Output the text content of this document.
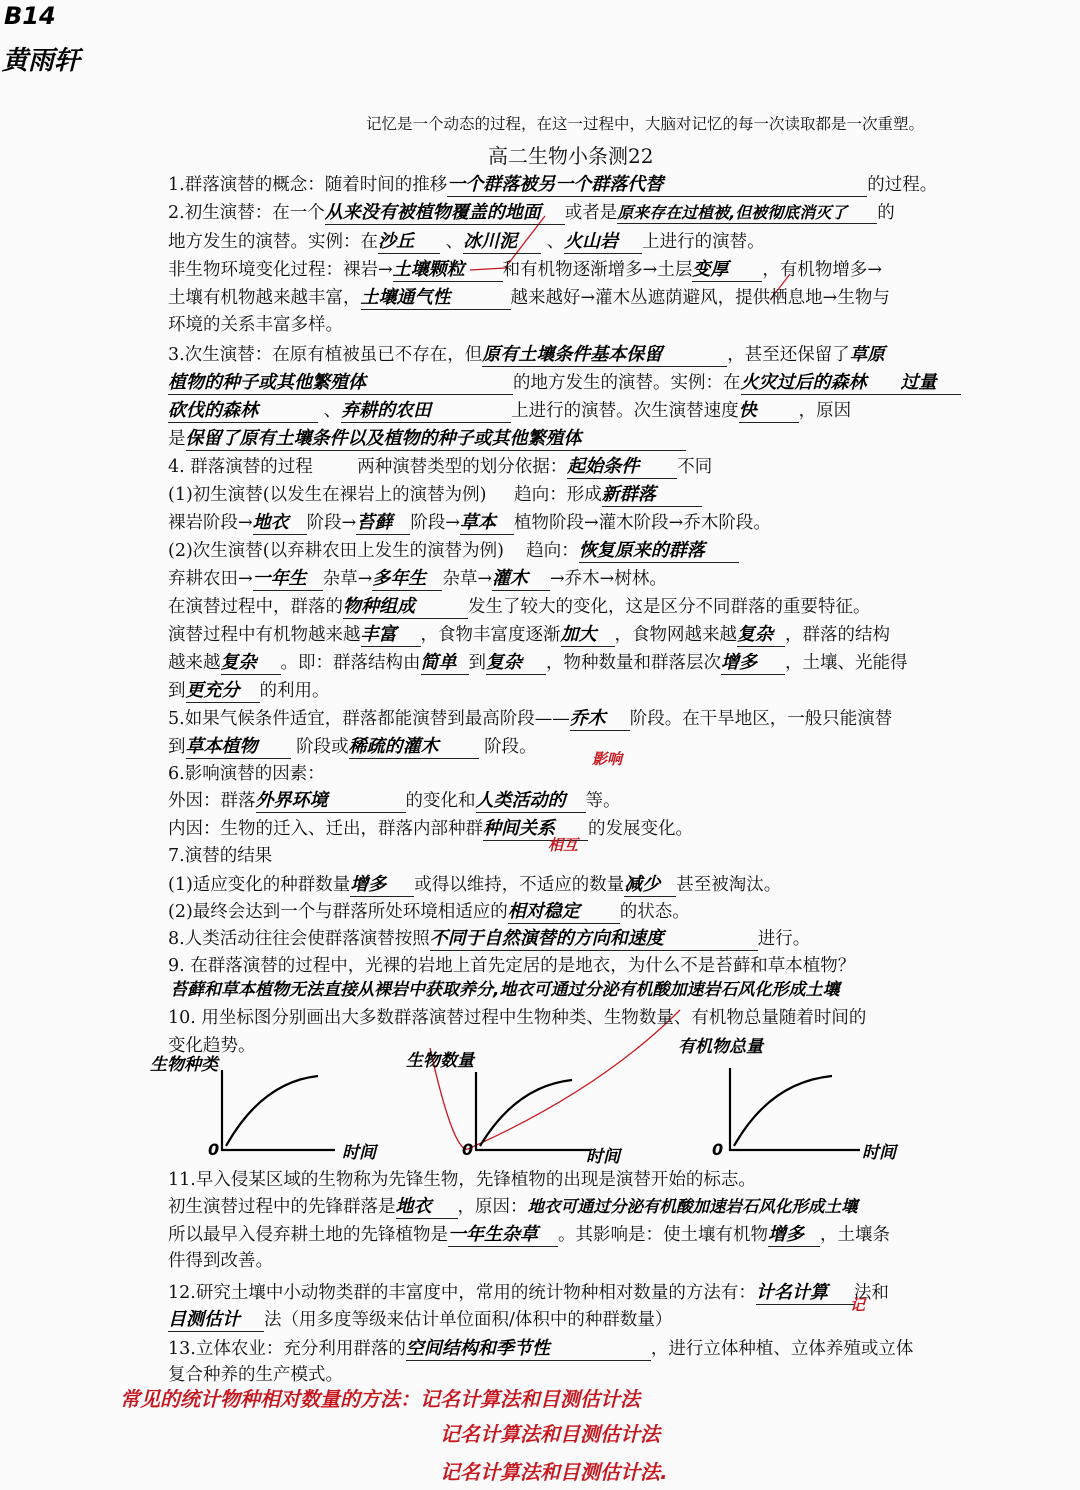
B14
黄雨轩
记忆是一个动态的过程，在这一过程中，大脑对记忆的每一次读取都是一次重塑。
高二生物小条测22
1.群落演替的概念：随着时间的推移一个群落被另一个群落代替	的过程。
2.初生演替：在一个从来没有被植物覆盖的地面 或者是原来存在过植被,但被彻底消灭了 的
地方发生的演替。实例：在沙丘 、冰川泥 、火山岩 上进行的演替。
非生物环境变化过程：裸岩→土壤颗粒 和有机物逐渐增多→土层变厚 ，有机物增多→
土壤有机物越来越丰富，土壤通气性	越来越好→灌木丛遮荫避风，提供栖息地→生物与
环境的关系丰富多样。
3.次生演替：在原有植被虽已不存在，但原有土壤条件基本保留	，甚至还保留了草原
植物的种子或其他繁殖体	的地方发生的演替。实例：在火灾过后的森林 过量
砍伐的森林	、弃耕的农田	上进行的演替。次生演替速度快 ，原因
是保留了原有土壤条件以及植物的种子或其他繁殖体
4. 群落演替的过程	两种演替类型的划分依据：起始条件 不同
(1)初生演替(以发生在裸岩上的演替为例) 趋向：形成新群落
裸岩阶段→地衣 阶段→苔藓 阶段→草本 植物阶段→灌木阶段→乔木阶段。
(2)次生演替(以弃耕农田上发生的演替为例) 趋向：恢复原来的群落
弃耕农田→一年生 杂草→多年生 杂草→灌木 →乔木→树林。
在演替过程中，群落的物种组成	发生了较大的变化，这是区分不同群落的重要特征。
演替过程中有机物越来越丰富 ，食物丰富度逐渐加大 ，食物网越来越复杂 ，群落的结构
越来越复杂 。即：群落结构由简单 到复杂 ，物种数量和群落层次增多 ，土壤、光能得
到更充分 的利用。
5.如果气候条件适宜，群落都能演替到最高阶段——乔木 阶段。在干旱地区，一般只能演替
到草本植物 阶段或稀疏的灌木	阶段。
6.影响演替的因素：
影响
外因：群落外界环境	的变化和人类活动的 等。
内因：生物的迁入、迁出，群落内部种群种间关系 的发展变化。
相互
7.演替的结果
(1)适应变化的种群数量增多 或得以维持，不适应的数量减少 甚至被淘汰。
(2)最终会达到一个与群落所处环境相适应的相对稳定 的状态。
8.人类活动往往会使群落演替按照不同于自然演替的方向和速度	进行。
9. 在群落演替的过程中，光裸的岩地上首先定居的是地衣，为什么不是苔藓和草本植物？
苔藓和草本植物无法直接从裸岩中获取养分,地衣可通过分泌有机酸加速岩石风化形成土壤
10. 用坐标图分别画出大多数群落演替过程中生物种类、生物数量、有机物总量随着时间的
变化趋势。
生物种类
0	时间
生物数量
0	时间
有机物总量
0	时间
11.早入侵某区域的生物称为先锋生物，先锋植物的出现是演替开始的标志。
初生演替过程中的先锋群落是地衣 ，原因：地衣可通过分泌有机酸加速岩石风化形成土壤
所以最早入侵弃耕土地的先锋植物是一年生杂草 。其影响是：使土壤有机物增多 ，土壤条
件得到改善。
12.研究土壤中小动物类群的丰富度中，常用的统计物种相对数量的方法有：计名计算 法和
记
目测估计 法（用多度等级来估计单位面积/体积中的种群数量）
13.立体农业：充分利用群落的空间结构和季节性	，进行立体种植、立体养殖或立体
复合种养的生产模式。
常见的统计物种相对数量的方法：记名计算法和目测估计法
记名计算法和目测估计法
记名计算法和目测估计法.
